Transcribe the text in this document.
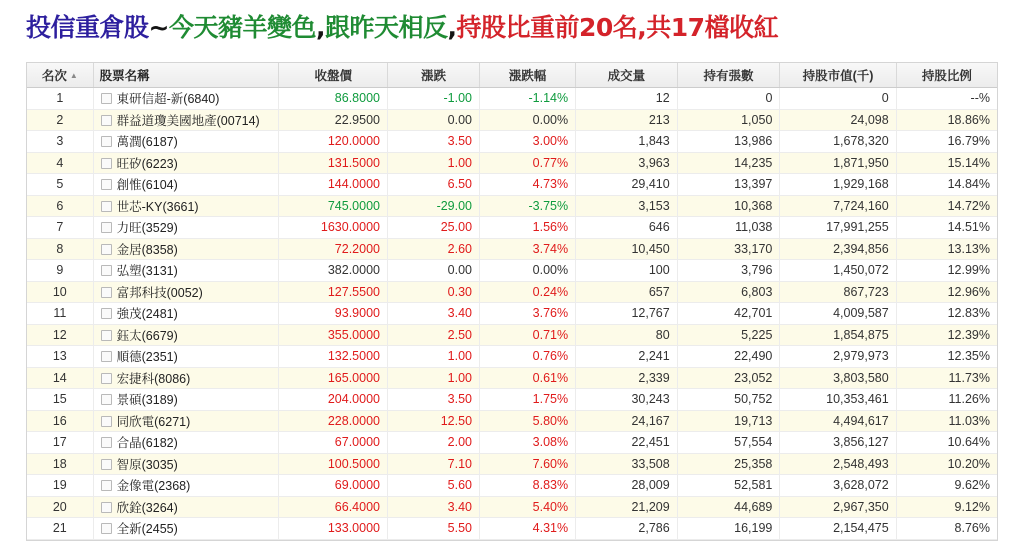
投信重倉股~今天豬羊變色,跟昨天相反,持股比重前20名,共17檔收紅
名次 ▲	股票名稱	收盤價	漲跌	漲跌幅	成交量	持有張數	持股市值(千)	持股比例
1	東研信超-新(6840)	86.8000	-1.00	-1.14%	12	0	0	--%
2	群益道瓊美國地產(00714)	22.9500	0.00	0.00%	213	1,050	24,098	18.86%
3	萬潤(6187)	120.0000	3.50	3.00%	1,843	13,986	1,678,320	16.79%
4	旺矽(6223)	131.5000	1.00	0.77%	3,963	14,235	1,871,950	15.14%
5	創惟(6104)	144.0000	6.50	4.73%	29,410	13,397	1,929,168	14.84%
6	世芯-KY(3661)	745.0000	-29.00	-3.75%	3,153	10,368	7,724,160	14.72%
7	力旺(3529)	1630.0000	25.00	1.56%	646	11,038	17,991,255	14.51%
8	金居(8358)	72.2000	2.60	3.74%	10,450	33,170	2,394,856	13.13%
9	弘塑(3131)	382.0000	0.00	0.00%	100	3,796	1,450,072	12.99%
10	富邦科技(0052)	127.5500	0.30	0.24%	657	6,803	867,723	12.96%
11	強茂(2481)	93.9000	3.40	3.76%	12,767	42,701	4,009,587	12.83%
12	鈺太(6679)	355.0000	2.50	0.71%	80	5,225	1,854,875	12.39%
13	順德(2351)	132.5000	1.00	0.76%	2,241	22,490	2,979,973	12.35%
14	宏捷科(8086)	165.0000	1.00	0.61%	2,339	23,052	3,803,580	11.73%
15	景碩(3189)	204.0000	3.50	1.75%	30,243	50,752	10,353,461	11.26%
16	同欣電(6271)	228.0000	12.50	5.80%	24,167	19,713	4,494,617	11.03%
17	合晶(6182)	67.0000	2.00	3.08%	22,451	57,554	3,856,127	10.64%
18	智原(3035)	100.5000	7.10	7.60%	33,508	25,358	2,548,493	10.20%
19	金像電(2368)	69.0000	5.60	8.83%	28,009	52,581	3,628,072	9.62%
20	欣銓(3264)	66.4000	3.40	5.40%	21,209	44,689	2,967,350	9.12%
21	全新(2455)	133.0000	5.50	4.31%	2,786	16,199	2,154,475	8.76%
